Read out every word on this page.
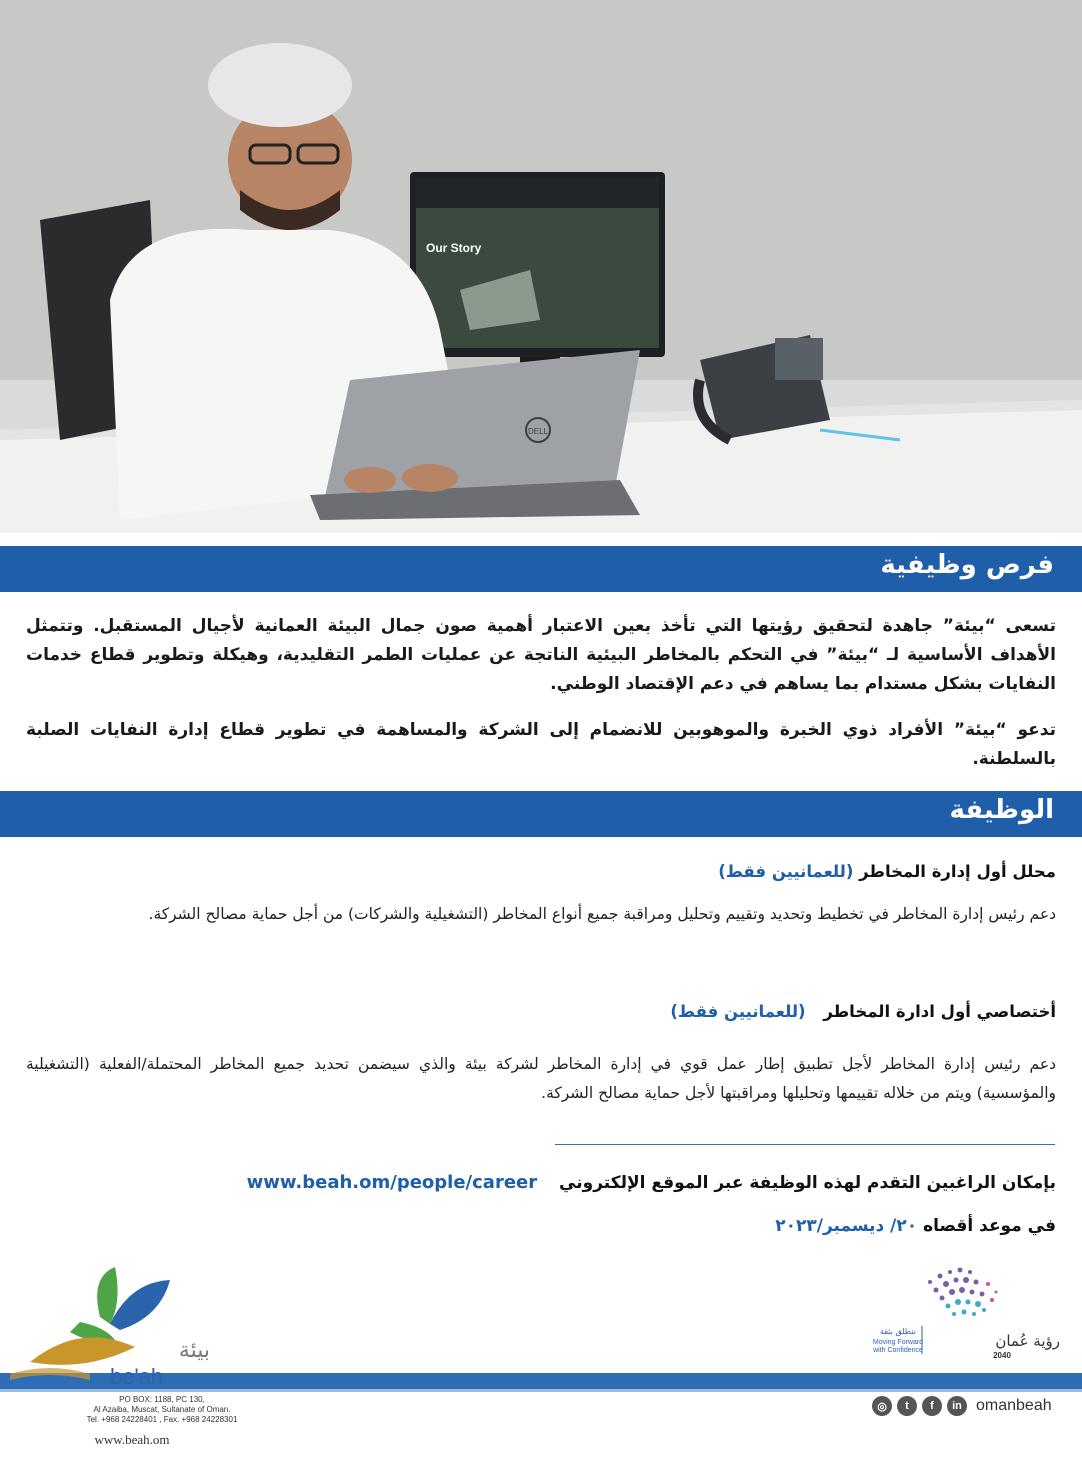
Our Story
DELL
فرص وظيفية
تسعى “بيئة” جاهدة لتحقيق رؤيتها التي تأخذ بعين الاعتبار أهمية صون جمال البيئة العمانية لأجيال المستقبل. وتتمثل الأهداف الأساسية لـ “بيئة” في التحكم بالمخاطر البيئية الناتجة عن عمليات الطمر التقليدية، وهيكلة وتطوير قطاع خدمات النفايات بشكل مستدام بما يساهم في دعم الإقتصاد الوطني.
تدعو “بيئة” الأفراد ذوي الخبرة والموهوبين للانضمام إلى الشركة والمساهمة في تطوير قطاع إدارة النفايات الصلبة بالسلطنة.
الوظيفة
محلل أول إدارة المخاطر (للعمانيين فقط)
دعم رئيس إدارة المخاطر في تخطيط وتحديد وتقييم وتحليل ومراقبة جميع أنواع المخاطر (التشغيلية والشركات) من أجل حماية مصالح الشركة.
أختصاصي أول ادارة المخاطر (للعمانيين فقط)
دعم رئيس إدارة المخاطر لأجل تطبيق إطار عمل قوي في إدارة المخاطر لشركة بيئة والذي سيضمن تحديد جميع المخاطر المحتملة/الفعلية (التشغيلية والمؤسسية) ويتم من خلاله تقييمها وتحليلها ومراقبتها لأجل حماية مصالح الشركة.
بإمكان الراغبين التقدم لهذه الوظيفة عبر الموقع الإلكتروني www.beah.om/people/career
في موعد أقصاه ٢٠/ ديسمبر/٢٠٢٣
بيئة
be'ah
PO BOX: 1188, PC 130,
Al Azaiba, Muscat, Sultanate of Oman.
Tel. +968 24228401 , Fax. +968 24228301
www.beah.om
رؤية عُمان
2040
ننطلق بثقة
Moving Forward
with Confidence
◎	t	f	in omanbeah
